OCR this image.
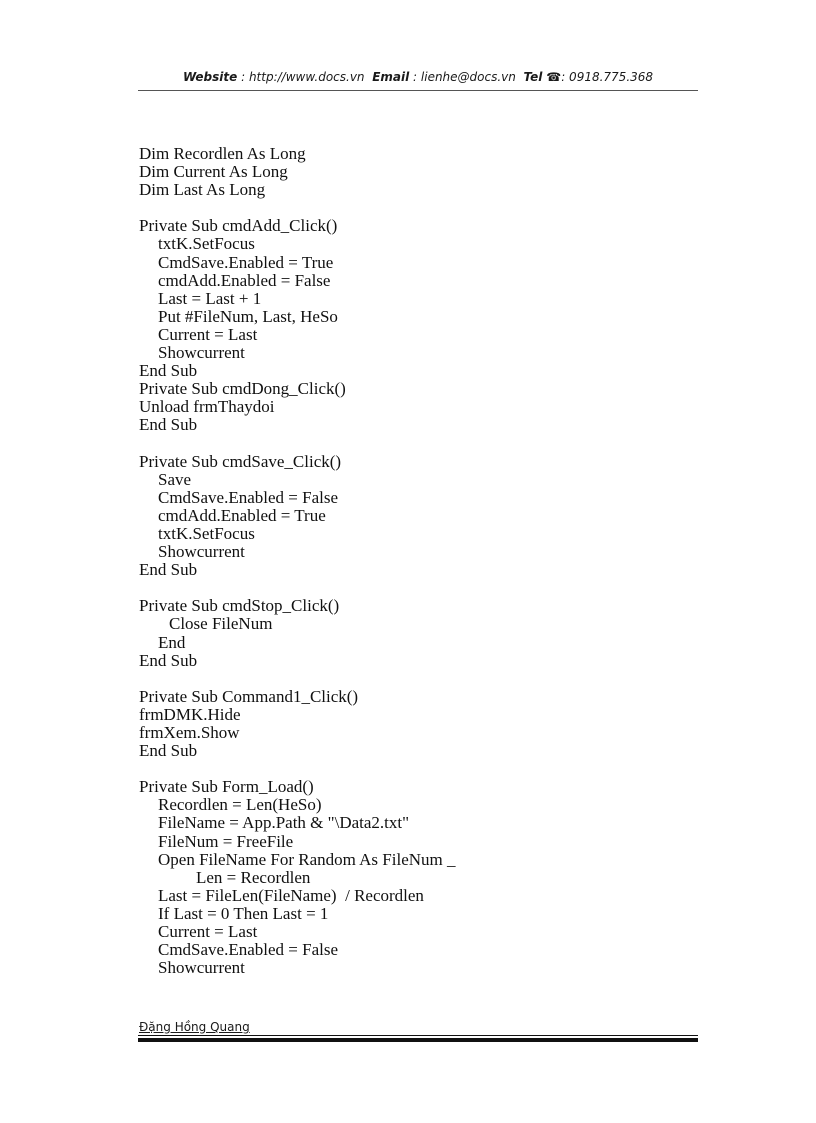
Website : http://www.docs.vn Email : lienhe@docs.vn Tel ☎: 0918.775.368
Dim Recordlen As Long
Dim Current As Long
Dim Last As Long
Private Sub cmdAdd_Click()
txtK.SetFocus
CmdSave.Enabled = True
cmdAdd.Enabled = False
Last = Last + 1
Put #FileNum, Last, HeSo
Current = Last
Showcurrent
End Sub
Private Sub cmdDong_Click()
Unload frmThaydoi
End Sub
Private Sub cmdSave_Click()
Save
CmdSave.Enabled = False
cmdAdd.Enabled = True
txtK.SetFocus
Showcurrent
End Sub
Private Sub cmdStop_Click()
Close FileNum
End
End Sub
Private Sub Command1_Click()
frmDMK.Hide
frmXem.Show
End Sub
Private Sub Form_Load()
Recordlen = Len(HeSo)
FileName = App.Path & "\Data2.txt"
FileNum = FreeFile
Open FileName For Random As FileNum _
Len = Recordlen
Last = FileLen(FileName)  / Recordlen
If Last = 0 Then Last = 1
Current = Last
CmdSave.Enabled = False
Showcurrent
Đặng Hồng Quang
